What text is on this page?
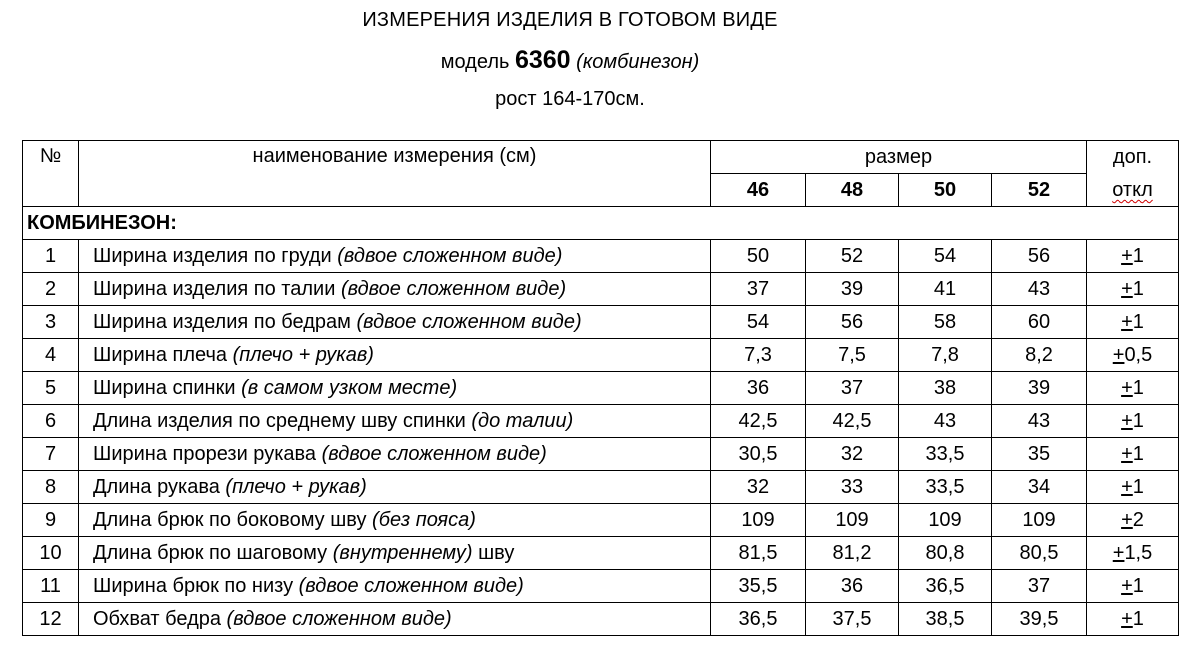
ИЗМЕРЕНИЯ ИЗДЕЛИЯ В ГОТОВОМ ВИДЕ
модель 6360 (комбинезон)
рост 164-170см.
№	наименование измерения (см)	размер				доп.
		46	48	50	52	откл
КОМБИНЕЗОН:						
1	Ширина изделия по груди (вдвое сложенном виде)	50	52	54	56	+1
2	Ширина изделия по талии (вдвое сложенном виде)	37	39	41	43	+1
3	Ширина изделия по бедрам (вдвое сложенном виде)	54	56	58	60	+1
4	Ширина плеча (плечо + рукав)	7,3	7,5	7,8	8,2	+0,5
5	Ширина спинки (в самом узком месте)	36	37	38	39	+1
6	Длина изделия по среднему шву спинки (до талии)	42,5	42,5	43	43	+1
7	Ширина прорези рукава (вдвое сложенном виде)	30,5	32	33,5	35	+1
8	Длина рукава (плечо + рукав)	32	33	33,5	34	+1
9	Длина брюк по боковому шву (без пояса)	109	109	109	109	+2
10	Длина брюк по шаговому (внутреннему) шву	81,5	81,2	80,8	80,5	+1,5
11	Ширина брюк по низу (вдвое сложенном виде)	35,5	36	36,5	37	+1
12	Обхват бедра (вдвое сложенном виде)	36,5	37,5	38,5	39,5	+1
